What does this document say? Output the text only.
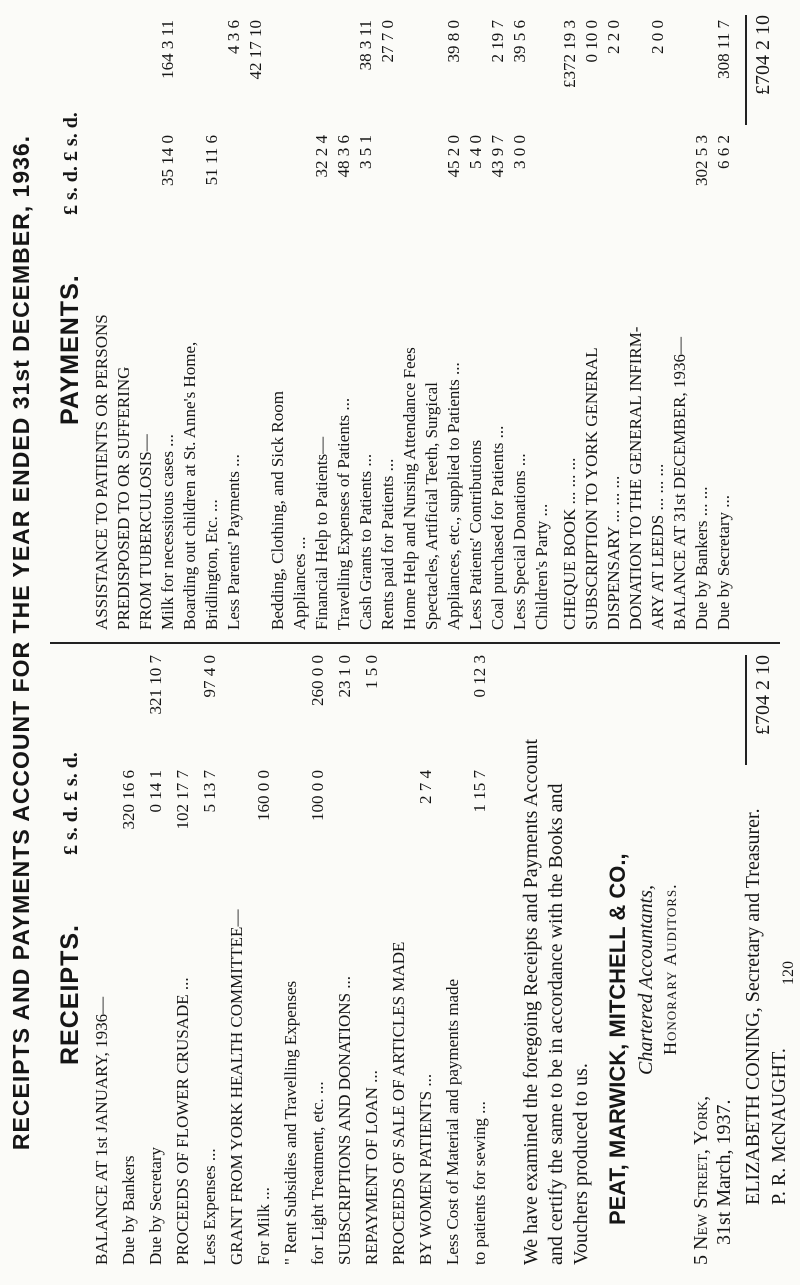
RECEIPTS AND PAYMENTS ACCOUNT FOR THE YEAR ENDED 31st DECEMBER, 1936. RECEIPTS.
£ s. d. £ s. d.
BALANCE AT 1st JANUARY, 1936— Due by Bankers
320 16 6
Due by Secretary
0 14 1
321 10 7
PROCEEDS OF FLOWER CRUSADE ...
102 17 7
Less Expenses ...
5 13 7
97 4 0
GRANT FROM YORK HEALTH COMMITTEE— For Milk ...
160 0 0
" Rent Subsidies and Travelling Expenses for Light Treatment, etc. ...
100 0 0
260 0 0
SUBSCRIPTIONS AND DONATIONS ...
23 1 0
REPAYMENT OF LOAN ...
1 5 0
PROCEEDS OF SALE OF ARTICLES MADE BY WOMEN PATIENTS ...
2 7 4
Less Cost of Material and payments made to patients for sewing ...
1 15 7
0 12 3	£704 2 10
We have examined the foregoing Receipts and Payments Account and certify the same to be in accordance with the Books and Vouchers produced to us. PEAT, MARWICK, MITCHELL & CO., Chartered Accountants, Honorary Auditors.
5 New Street, York, 31st March, 1937. ELIZABETH CONING, Secretary and Treasurer. P. R. McNAUGHT.
PAYMENTS.
£ s. d. £ s. d.
ASSISTANCE TO PATIENTS OR PERSONS PREDISPOSED TO OR SUFFERING FROM TUBERCULOSIS— Milk for necessitous cases ...
35 14 0
164 3 11
Boarding out children at St. Anne's Home, Bridlington, Etc. ...
51 11 6
Less Parents' Payments ...
4 3 6 42 17 10
Bedding, Clothing, and Sick Room Appliances ... Financial Help to Patients—
32 2 4
Travelling Expenses of Patients ...
48 3 6
Cash Grants to Patients ...
3 5 1
38 3 11
Rents paid for Patients ...
27 7 0
Home Help and Nursing Attendance Fees Spectacles, Artificial Teeth, Surgical Appliances, etc., supplied to Patients ...
45 2 0
39 8 0
Less Patients' Contributions
5 4 0
Coal purchased for Patients ...
43 9 7
2 19 7
Less Special Donations ...
3 0 0
39 5 6
Children's Party ... CHEQUE BOOK ... ... ...
£372 19 3
SUBSCRIPTION TO YORK GENERAL
0 10 0
DISPENSARY ... ... ...
2 2 0
DONATION TO THE GENERAL INFIRM- ARY AT LEEDS ... ... ...
2 0 0
BALANCE AT 31st DECEMBER, 1936— Due by Bankers ... ...
302 5 3
Due by Secretary ...
6 6 2
308 11 7 £704 2 10
120
